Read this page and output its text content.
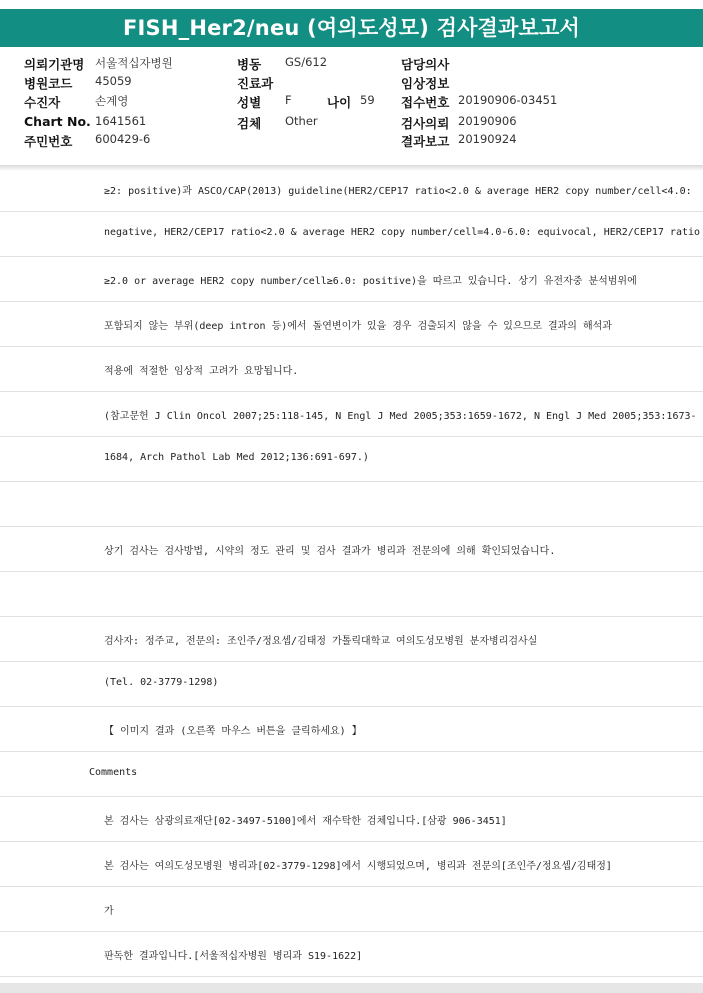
FISH_Her2/neu (여의도성모) 검사결과보고서
의뢰기관명 서울적십자병원	병동 GS/612	담당의사
병원코드 45059	진료과	임상정보
수진자	손계영	성별 F	나이 59 접수번호 20190906-03451
Chart No. 1641561	검체 Other	검사의뢰 20190906
주민번호 600429-6	결과보고 20190924
≥2: positive)과 ASCO/CAP(2013) guideline(HER2/CEP17 ratio<2.0 & average HER2 copy number/cell<4.0:
negative, HER2/CEP17 ratio<2.0 & average HER2 copy number/cell=4.0-6.0: equivocal, HER2/CEP17 ratio
≥2.0 or average HER2 copy number/cell≥6.0: positive)을 따르고 있습니다. 상기 유전자중 분석범위에
포함되지 않는 부위(deep intron 등)에서 돌연변이가 있을 경우 검출되지 않을 수 있으므로 결과의 해석과
적용에 적절한 임상적 고려가 요망됩니다.
(참고문헌 J Clin Oncol 2007;25:118-145, N Engl J Med 2005;353:1659-1672, N Engl J Med 2005;353:1673-
1684, Arch Pathol Lab Med 2012;136:691-697.)
상기 검사는 검사방법, 시약의 정도 관리 및 검사 결과가 병리과 전문의에 의해 확인되었습니다.
검사자: 정주교, 전문의: 조인주/정요셉/김태정 가톨릭대학교 여의도성모병원 분자병리검사실
(Tel. 02-3779-1298)
【 이미지 결과 (오른쪽 마우스 버튼을 클릭하세요) 】
Comments
본 검사는 삼광의료재단[02-3497-5100]에서 재수탁한 검체입니다.[삼광 906-3451]
본 검사는 여의도성모병원 병리과[02-3779-1298]에서 시행되었으며, 병리과 전문의[조인주/정요셉/김태정]
가
판독한 결과입니다.[서울적십자병원 병리과 S19-1622]
